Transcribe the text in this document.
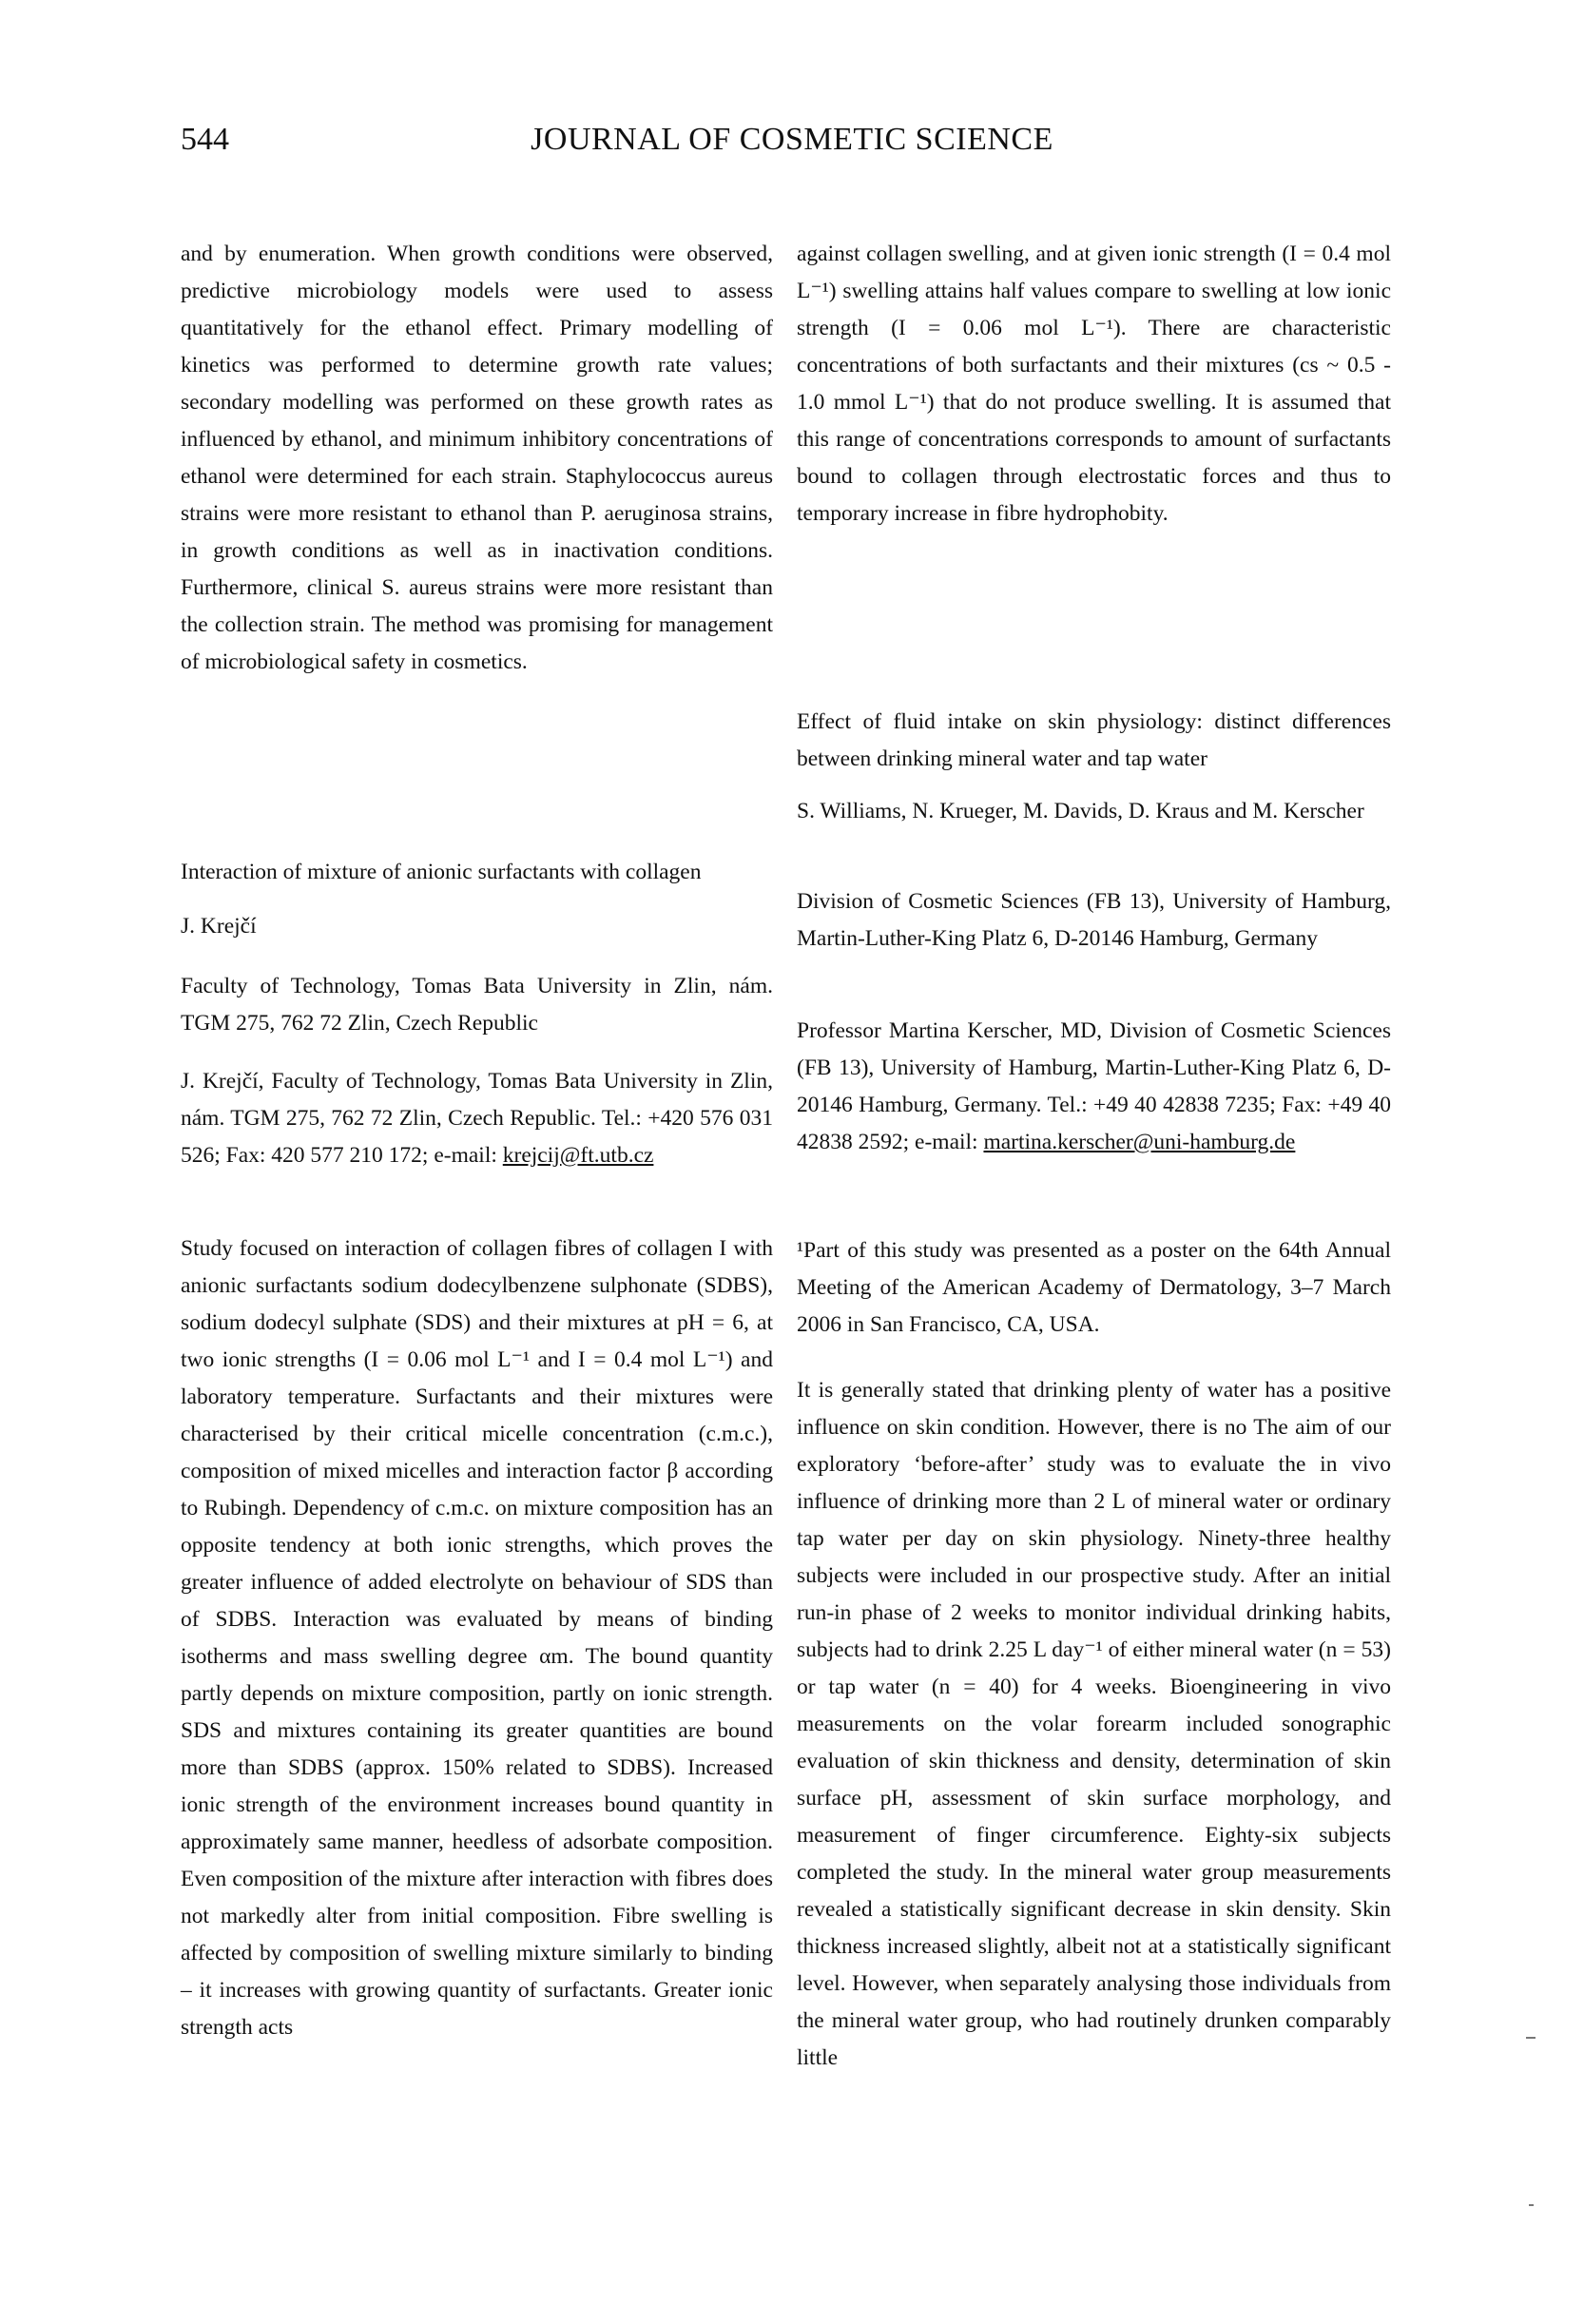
544	JOURNAL OF COSMETIC SCIENCE

and by enumeration. When growth conditions were observed, predictive microbiology models were used to assess quantitatively for the ethanol effect. Primary modelling of kinetics was performed to determine growth rate values; secondary modelling was performed on these growth rates as influenced by ethanol, and minimum inhibitory concentrations of ethanol were determined for each strain. Staphylococcus aureus strains were more resistant to ethanol than P. aeruginosa strains, in growth conditions as well as in inactivation conditions. Furthermore, clinical S. aureus strains were more resistant than the collection strain. The method was promising for management of microbiological safety in cosmetics.

Interaction of mixture of anionic surfactants with collagen

J. Krejčí

Faculty of Technology, Tomas Bata University in Zlin, nám. TGM 275, 762 72 Zlin, Czech Republic

J. Krejčí, Faculty of Technology, Tomas Bata University in Zlin, nám. TGM 275, 762 72 Zlin, Czech Republic. Tel.: +420 576 031 526; Fax: 420 577 210 172; e-mail: krejcij@ft.utb.cz

Study focused on interaction of collagen fibres of collagen I with anionic surfactants sodium dodecylbenzene sulphonate (SDBS), sodium dodecyl sulphate (SDS) and their mixtures at pH = 6, at two ionic strengths (I = 0.06 mol L⁻¹ and I = 0.4 mol L⁻¹) and laboratory temperature. Surfactants and their mixtures were characterised by their critical micelle concentration (c.m.c.), composition of mixed micelles and interaction factor β according to Rubingh. Dependency of c.m.c. on mixture composition has an opposite tendency at both ionic strengths, which proves the greater influence of added electrolyte on behaviour of SDS than of SDBS. Interaction was evaluated by means of binding isotherms and mass swelling degree αm. The bound quantity partly depends on mixture composition, partly on ionic strength. SDS and mixtures containing its greater quantities are bound more than SDBS (approx. 150% related to SDBS). Increased ionic strength of the environment increases bound quantity in approximately same manner, heedless of adsorbate composition. Even composition of the mixture after interaction with fibres does not markedly alter from initial composition. Fibre swelling is affected by composition of swelling mixture similarly to binding – it increases with growing quantity of surfactants. Greater ionic strength acts

against collagen swelling, and at given ionic strength (I = 0.4 mol L⁻¹) swelling attains half values compare to swelling at low ionic strength (I = 0.06 mol L⁻¹). There are characteristic concentrations of both surfactants and their mixtures (cs ~ 0.5 - 1.0 mmol L⁻¹) that do not produce swelling. It is assumed that this range of concentrations corresponds to amount of surfactants bound to collagen through electrostatic forces and thus to temporary increase in fibre hydrophobity.

Effect of fluid intake on skin physiology: distinct differences between drinking mineral water and tap water

S. Williams, N. Krueger, M. Davids, D. Kraus and M. Kerscher

Division of Cosmetic Sciences (FB 13), University of Hamburg, Martin-Luther-King Platz 6, D-20146 Hamburg, Germany

Professor Martina Kerscher, MD, Division of Cosmetic Sciences (FB 13), University of Hamburg, Martin-Luther-King Platz 6, D-20146 Hamburg, Germany. Tel.: +49 40 42838 7235; Fax: +49 40 42838 2592; e-mail: martina.kerscher@uni-hamburg.de

¹Part of this study was presented as a poster on the 64th Annual Meeting of the American Academy of Dermatology, 3–7 March 2006 in San Francisco, CA, USA.

It is generally stated that drinking plenty of water has a positive influence on skin condition. However, there is no The aim of our exploratory ‘before-after’ study was to evaluate the in vivo influence of drinking more than 2 L of mineral water or ordinary tap water per day on skin physiology. Ninety-three healthy subjects were included in our prospective study. After an initial run-in phase of 2 weeks to monitor individual drinking habits, subjects had to drink 2.25 L day⁻¹ of either mineral water (n = 53) or tap water (n = 40) for 4 weeks. Bioengineering in vivo measurements on the volar forearm included sonographic evaluation of skin thickness and density, determination of skin surface pH, assessment of skin surface morphology, and measurement of finger circumference. Eighty-six subjects completed the study. In the mineral water group measurements revealed a statistically significant decrease in skin density. Skin thickness increased slightly, albeit not at a statistically significant level. However, when separately analysing those individuals from the mineral water group, who had routinely drunken comparably little
